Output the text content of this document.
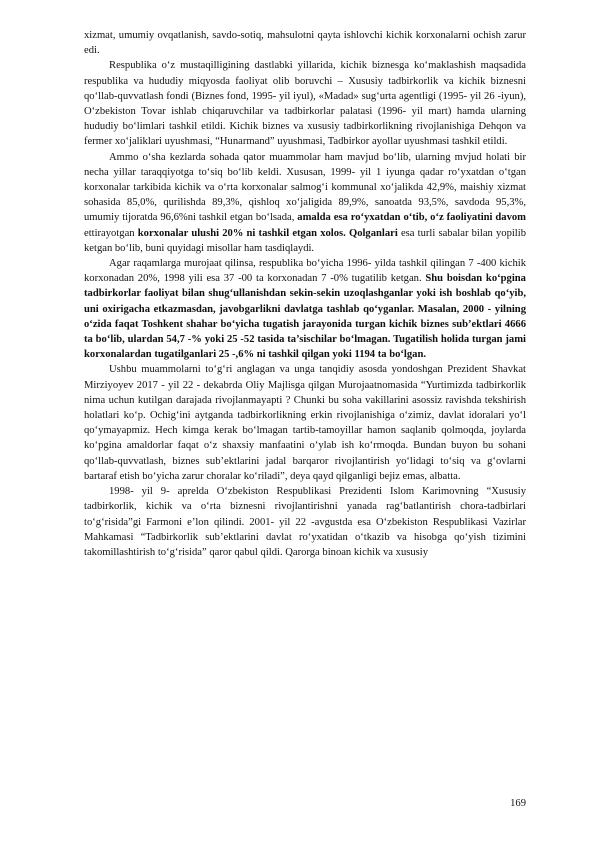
xizmat, umumiy ovqatlanish, savdo-sotiq, mahsulotni qayta ishlovchi kichik korxonalarni ochish zarur edi.

Respublika o‘z mustaqilligining dastlabki yillarida, kichik biznesga ko‘maklashish maqsadida respublika va hududiy miqyosda faoliyat olib boruvchi – Xususiy tadbirkorlik va kichik biznesni qo‘llab-quvvatlash fondi (Biznes fond, 1995- yil iyul), «Madad» sug‘urta agentligi (1995- yil 26 -iyun), O‘zbekiston Tovar ishlab chiqaruvchilar va tadbirkorlar palatasi (1996- yil mart) hamda ularning hududiy bo‘limlari tashkil etildi. Kichik biznes va xususiy tadbirkorlikning rivojlanishiga Dehqon va fermer xo‘jaliklari uyushmasi, “Hunarmand” uyushmasi, Tadbirkor ayollar uyushmasi tashkil etildi.

Ammo o‘sha kezlarda sohada qator muammolar ham mavjud bo‘lib, ularning mvjud holati bir necha yillar taraqqiyotga to‘siq bo‘lib keldi. Xususan, 1999- yil 1 iyunga qadar ro‘yxatdan o‘tgan korxonalar tarkibida kichik va o‘rta korxonalar salmog‘i kommunal xo‘jalikda 42,9%, maishiy xizmat sohasida 85,0%, qurilishda 89,3%, qishloq xo‘jaligida 89,9%, sanoatda 93,5%, savdoda 95,3%, umumiy tijoratda 96,6%ni tashkil etgan bo‘lsada, amalda esa ro‘yxatdan o‘tib, o‘z faoliyatini davom ettirayotgan korxonalar ulushi 20% ni tashkil etgan xolos. Qolganlari esa turli sabalar bilan yopilib ketgan bo‘lib, buni quyidagi misollar ham tasdiqlaydi.

Agar raqamlarga murojaat qilinsa, respublika bo‘yicha 1996- yilda tashkil qilingan 7 -400 kichik korxonadan 20%, 1998 yili esa 37 -00 ta korxonadan 7 -0% tugatilib ketgan. Shu boisdan ko‘pgina tadbirkorlar faoliyat bilan shug‘ullanishdan sekin-sekin uzoqlashganlar yoki ish boshlab qo‘yib, uni oxirigacha etkazmasdan, javobgarlikni davlatga tashlab qo‘yganlar. Masalan, 2000 - yilning o‘zida faqat Toshkent shahar bo‘yicha tugatish jarayonida turgan kichik biznes sub’ektlari 4666 ta bo‘lib, ulardan 54,7 -% yoki 25 -52 tasida ta’sischilar bo‘lmagan. Tugatilish holida turgan jami korxonalardan tugatilganlari 25 -,6% ni tashkil qilgan yoki 1194 ta bo‘lgan.

Ushbu muammolarni to‘g‘ri anglagan va unga tanqidiy asosda yondoshgan Prezident Shavkat Mirziyoyev 2017 - yil 22 - dekabrda Oliy Majlisga qilgan Murojaatnomasida “Yurtimizda tadbirkorlik nima uchun kutilgan darajada rivojlanmayapti ? Chunki bu soha vakillarini asossiz ravishda tekshirish holatlari ko‘p. Ochig‘ini aytganda tadbirkorlikning erkin rivojlanishiga o‘zimiz, davlat idoralari yo‘l qo‘ymayapmiz. Hech kimga kerak bo‘lmagan tartib-tamoyillar hamon saqlanib qolmoqda, joylarda ko‘pgina amaldorlar faqat o‘z shaxsiy manfaatini o‘ylab ish ko‘rmoqda. Bundan buyon bu sohani qo‘llab-quvvatlash, biznes sub’ektlarini jadal barqaror rivojlantirish yo‘lidagi to‘siq va g‘ovlarni bartaraf etish bo‘yicha zarur choralar ko‘riladi”, deya qayd qilganligi bejiz emas, albatta.

1998- yil 9- aprelda O‘zbekiston Respublikasi Prezidenti Islom Karimovning “Xususiy tadbirkorlik, kichik va o‘rta biznesni rivojlantirishni yanada rag‘batlantirish chora-tadbirlari to‘g‘risida”gi Farmoni e’lon qilindi. 2001- yil 22 -avgustda esa O‘zbekiston Respublikasi Vazirlar Mahkamasi “Tadbirkorlik sub’ektlarini davlat ro‘yxatidan o‘tkazib va hisobga qo‘yish tizimini takomillashtirish to‘g‘risida” qaror qabul qildi. Qarorga binoan kichik va xususiy

169
